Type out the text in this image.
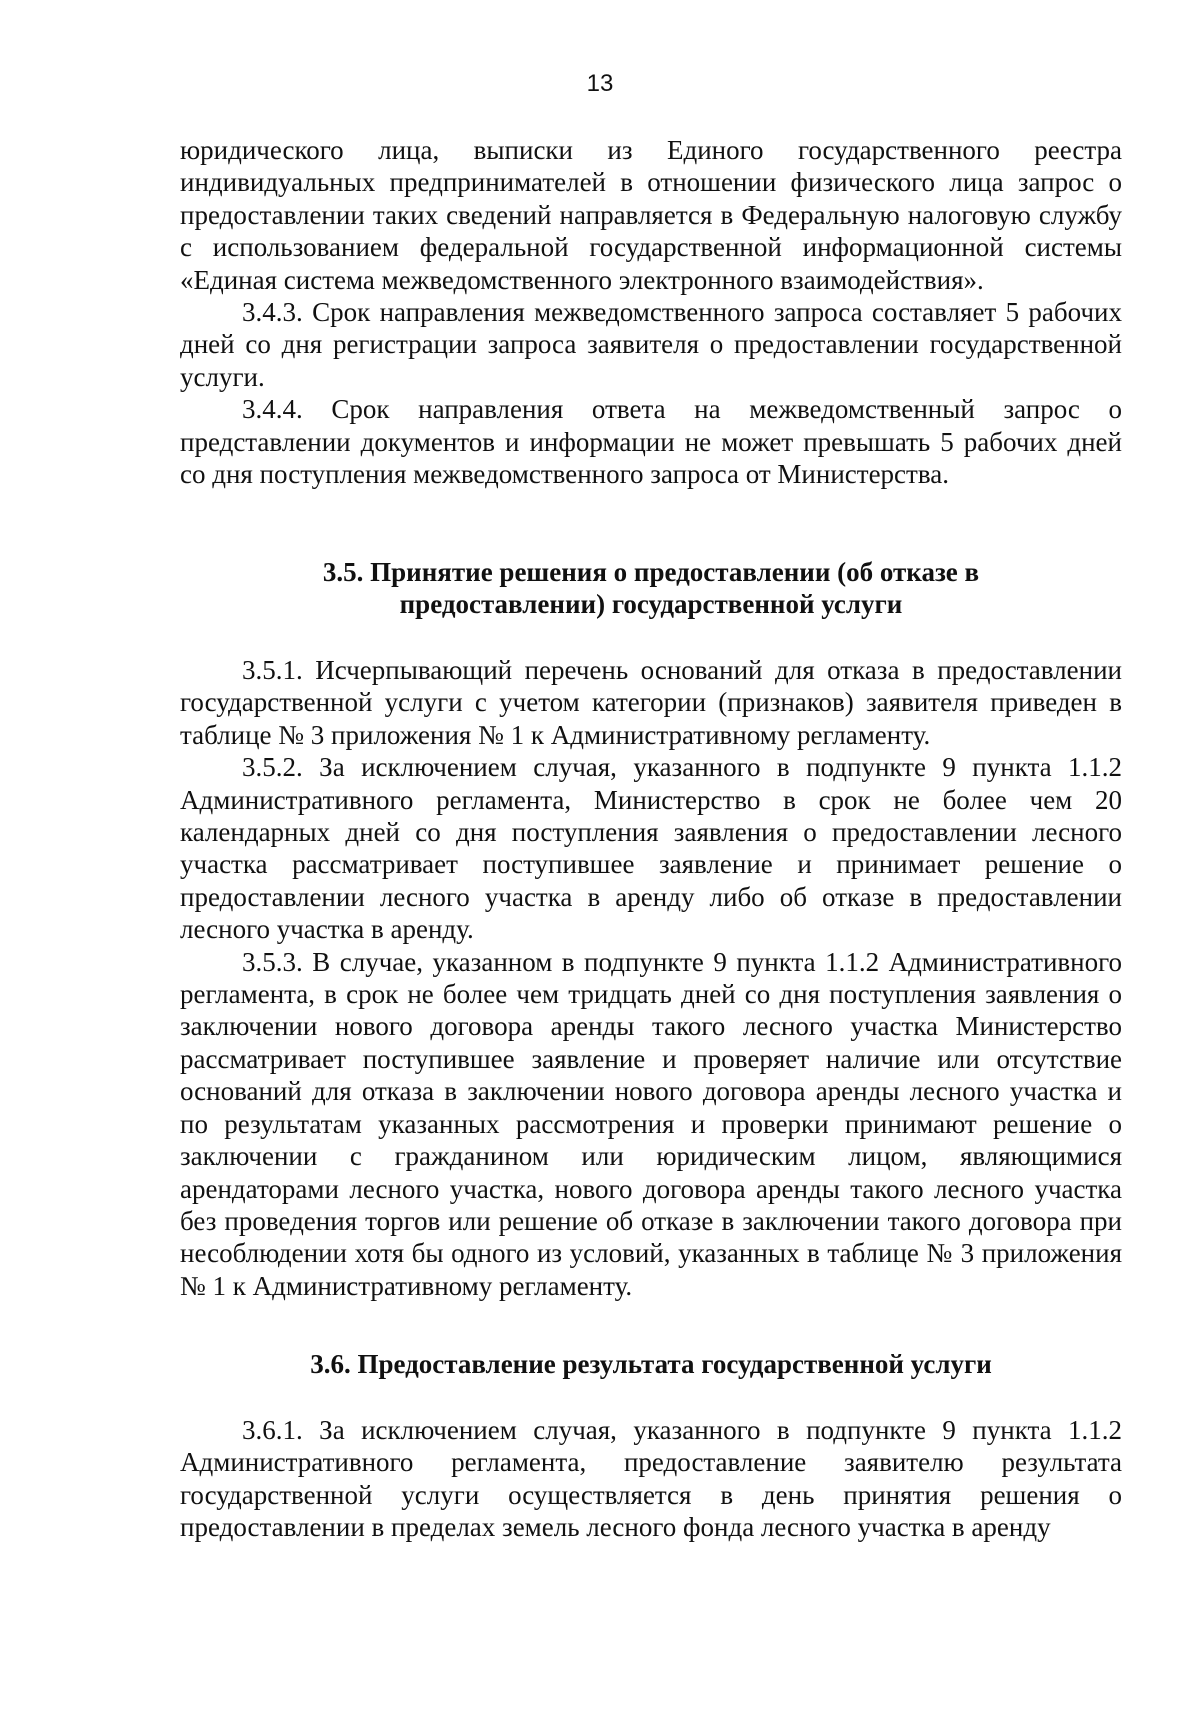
13

юридического лица, выписки из Единого государственного реестра индивидуальных предпринимателей в отношении физического лица запрос о предоставлении таких сведений направляется в Федеральную налоговую службу с использованием федеральной государственной информационной системы «Единая система межведомственного электронного взаимодействия».

3.4.3. Срок направления межведомственного запроса составляет 5 рабочих дней со дня регистрации запроса заявителя о предоставлении государственной услуги.

3.4.4. Срок направления ответа на межведомственный запрос о представлении документов и информации не может превышать 5 рабочих дней со дня поступления межведомственного запроса от Министерства.

3.5. Принятие решения о предоставлении (об отказе в

предоставлении) государственной услуги

3.5.1. Исчерпывающий перечень оснований для отказа в предоставлении государственной услуги с учетом категории (признаков) заявителя приведен в таблице № 3 приложения № 1 к Административному регламенту.

3.5.2. За исключением случая, указанного в подпункте 9 пункта 1.1.2 Административного регламента, Министерство в срок не более чем 20 календарных дней со дня поступления заявления о предоставлении лесного участка рассматривает поступившее заявление и принимает решение о предоставлении лесного участка в аренду либо об отказе в предоставлении лесного участка в аренду.

3.5.3. В случае, указанном в подпункте 9 пункта 1.1.2 Административного регламента, в срок не более чем тридцать дней со дня поступления заявления о заключении нового договора аренды такого лесного участка Министерство рассматривает поступившее заявление и проверяет наличие или отсутствие оснований для отказа в заключении нового договора аренды лесного участка и по результатам указанных рассмотрения и проверки принимают решение о заключении с гражданином или юридическим лицом, являющимися арендаторами лесного участка, нового договора аренды такого лесного участка без проведения торгов или решение об отказе в заключении такого договора при несоблюдении хотя бы одного из условий, указанных в таблице № 3 приложения № 1 к Административному регламенту.

3.6. Предоставление результата государственной услуги

3.6.1. За исключением случая, указанного в подпункте 9 пункта 1.1.2 Административного регламента, предоставление заявителю результата государственной услуги осуществляется в день принятия решения о предоставлении в пределах земель лесного фонда лесного участка в аренду
